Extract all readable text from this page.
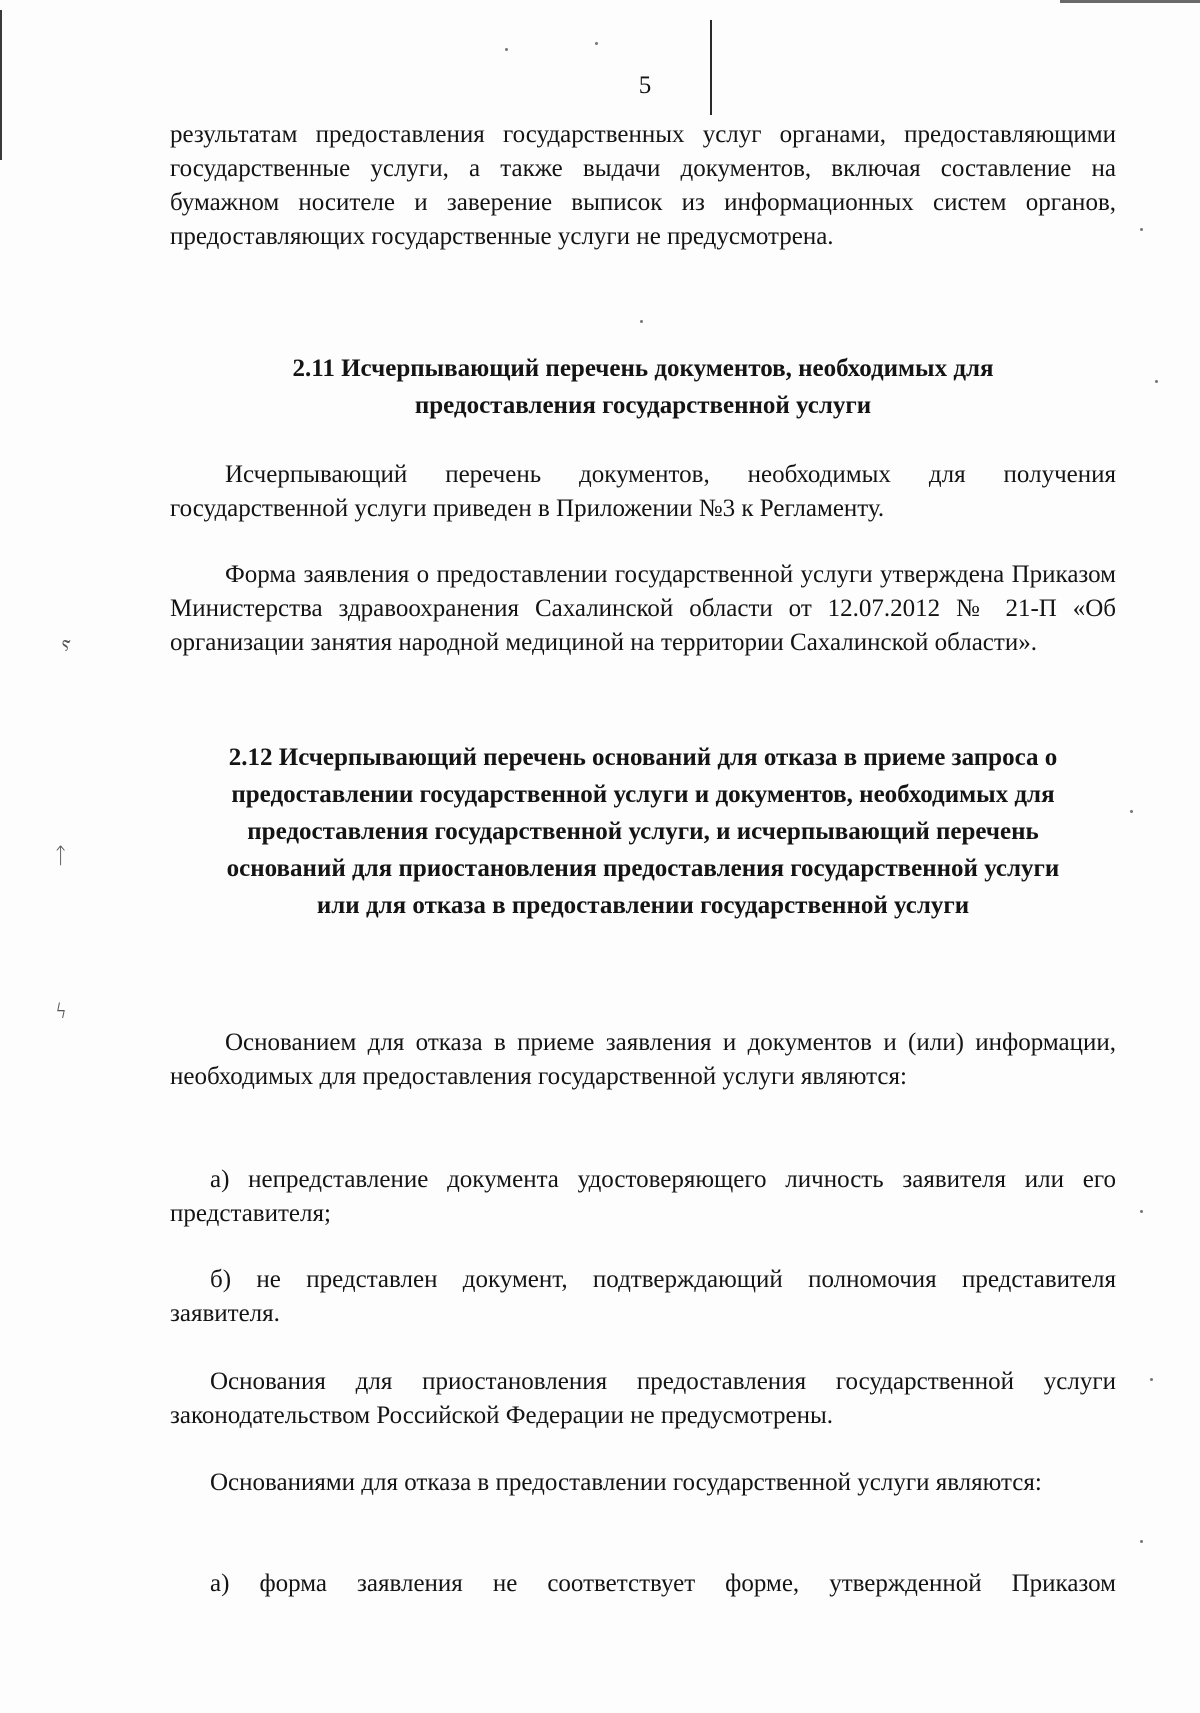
ⲋ
ᛏ
ϟ
5
результатам предоставления государственных услуг органами, предоставляющими государственные услуги, а также выдачи документов, включая составление на бумажном носителе и заверение выписок из информационных систем органов, предоставляющих государственные услуги не предусмотрена.
2.11 Исчерпывающий перечень документов, необходимых для предоставления государственной услуги
Исчерпывающий перечень документов, необходимых для получения государственной услуги приведен в Приложении №3 к Регламенту.
Форма заявления о предоставлении государственной услуги утверждена Приказом Министерства здравоохранения Сахалинской области от 12.07.2012 № 21-П «Об организации занятия народной медициной на территории Сахалинской области».
2.12 Исчерпывающий перечень оснований для отказа в приеме запроса о предоставлении государственной услуги и документов, необходимых для предоставления государственной услуги, и исчерпывающий перечень оснований для приостановления предоставления государственной услуги или для отказа в предоставлении государственной услуги
Основанием для отказа в приеме заявления и документов и (или) информации, необходимых для предоставления государственной услуги являются:
а) непредставление документа удостоверяющего личность заявителя или его представителя;
б) не представлен документ, подтверждающий полномочия представителя заявителя.
Основания для приостановления предоставления государственной услуги законодательством Российской Федерации не предусмотрены.
Основаниями для отказа в предоставлении государственной услуги являются:
а) форма заявления не соответствует форме, утвержденной Приказом
